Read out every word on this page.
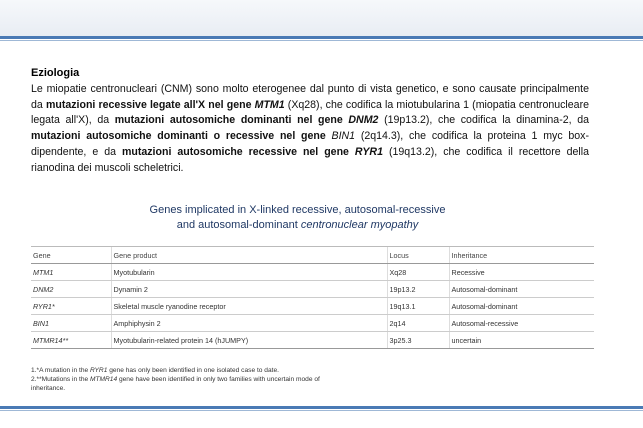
Eziologia
Le miopatie centronucleari (CNM) sono molto eterogenee dal punto di vista genetico, e sono causate principalmente da mutazioni recessive legate all'X nel gene MTM1 (Xq28), che codifica la miotubularina 1 (miopatia centronucleare legata all'X), da mutazioni autosomiche dominanti nel gene DNM2 (19p13.2), che codifica la dinamina-2, da mutazioni autosomiche dominanti o recessive nel gene BIN1 (2q14.3), che codifica la proteina 1 myc box-dipendente, e da mutazioni autosomiche recessive nel gene RYR1 (19q13.2), che codifica il recettore della rianodina dei muscoli scheletrici.
Genes implicated in X-linked recessive, autosomal-recessive
and autosomal-dominant centronuclear myopathy
Gene	Gene product	Locus	Inheritance
MTM1	Myotubularin	Xq28	Recessive
DNM2	Dynamin 2	19p13.2	Autosomal-dominant
RYR1*	Skeletal muscle ryanodine receptor	19q13.1	Autosomal-dominant
BIN1	Amphiphysin 2	2q14	Autosomal-recessive
MTMR14**	Myotubularin-related protein 14 (hJUMPY)	3p25.3	uncertain
1.*A mutation in the RYR1 gene has only been identified in one isolated case to date.
2.**Mutations in the MTMR14 gene have been identified in only two families with uncertain mode of inheritance.
